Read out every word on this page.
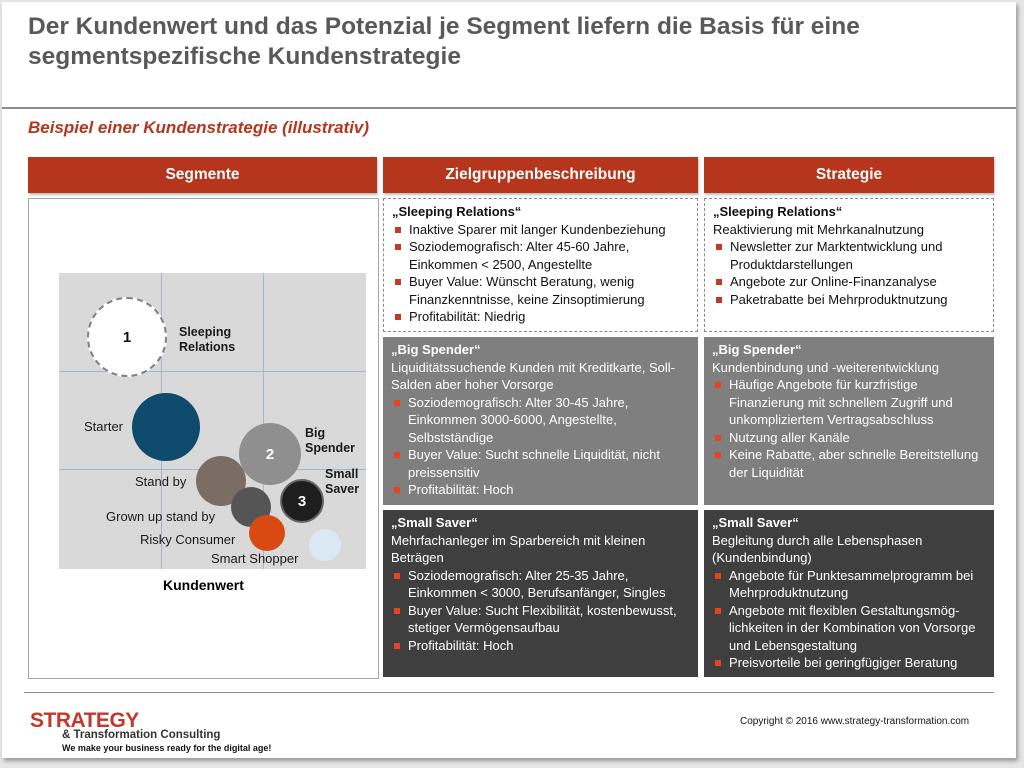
Der Kundenwert und das Potenzial je Segment liefern die Basis für eine segmentspezifische Kundenstrategie
Beispiel einer Kundenstrategie (illustrativ)
Segmente	Zielgruppenbeschreibung	Strategie
1
2
3
Sleeping
Relations
Starter	Big
Spender
Stand by	Small
Saver
Grown up stand by
Risky Consumer
Smart Shopper
Kundenwert
„Sleeping Relations“
Inaktive Sparer mit langer Kundenbeziehung
Soziodemografisch: Alter 45-60 Jahre, Einkommen < 2500, Angestellte
Buyer Value: Wünscht Beratung, wenig Finanzkenntnisse, keine Zinsoptimierung
Profitabilität: Niedrig
„Big Spender“
Liquiditätssuchende Kunden mit Kreditkarte, Soll-Salden aber hoher Vorsorge
Soziodemografisch: Alter 30-45 Jahre, Einkommen 3000-6000, Angestellte, Selbstständige
Buyer Value: Sucht schnelle Liquidität, nicht preissensitiv
Profitabilität: Hoch
„Small Saver“
Mehrfachanleger im Sparbereich mit kleinen Beträgen
Soziodemografisch: Alter 25-35 Jahre, Einkommen < 3000, Berufsanfänger, Singles
Buyer Value: Sucht Flexibilität, kostenbewusst, stetiger Vermögensaufbau
Profitabilität: Hoch
„Sleeping Relations“
Reaktivierung mit Mehrkanalnutzung
Newsletter zur Marktentwicklung und Produktdarstellungen
Angebote zur Online-Finanzanalyse
Paketrabatte bei Mehrproduktnutzung
„Big Spender“
Kundenbindung und -weiterentwicklung
Häufige Angebote für kurzfristige Finanzierung mit schnellem Zugriff und unkompliziertem Vertragsabschluss
Nutzung aller Kanäle
Keine Rabatte, aber schnelle Bereitstellung der Liquidität
„Small Saver“
Begleitung durch alle Lebensphasen (Kundenbindung)
Angebote für Punktesammelprogramm bei Mehrproduktnutzung
Angebote mit flexiblen Gestaltungsmög-lichkeiten in der Kombination von Vorsorge und Lebensgestaltung
Preisvorteile bei geringfügiger Beratung
STRATEGY
& Transformation Consulting
We make your business ready for the digital age!
Copyright © 2016 www.strategy-transformation.com
